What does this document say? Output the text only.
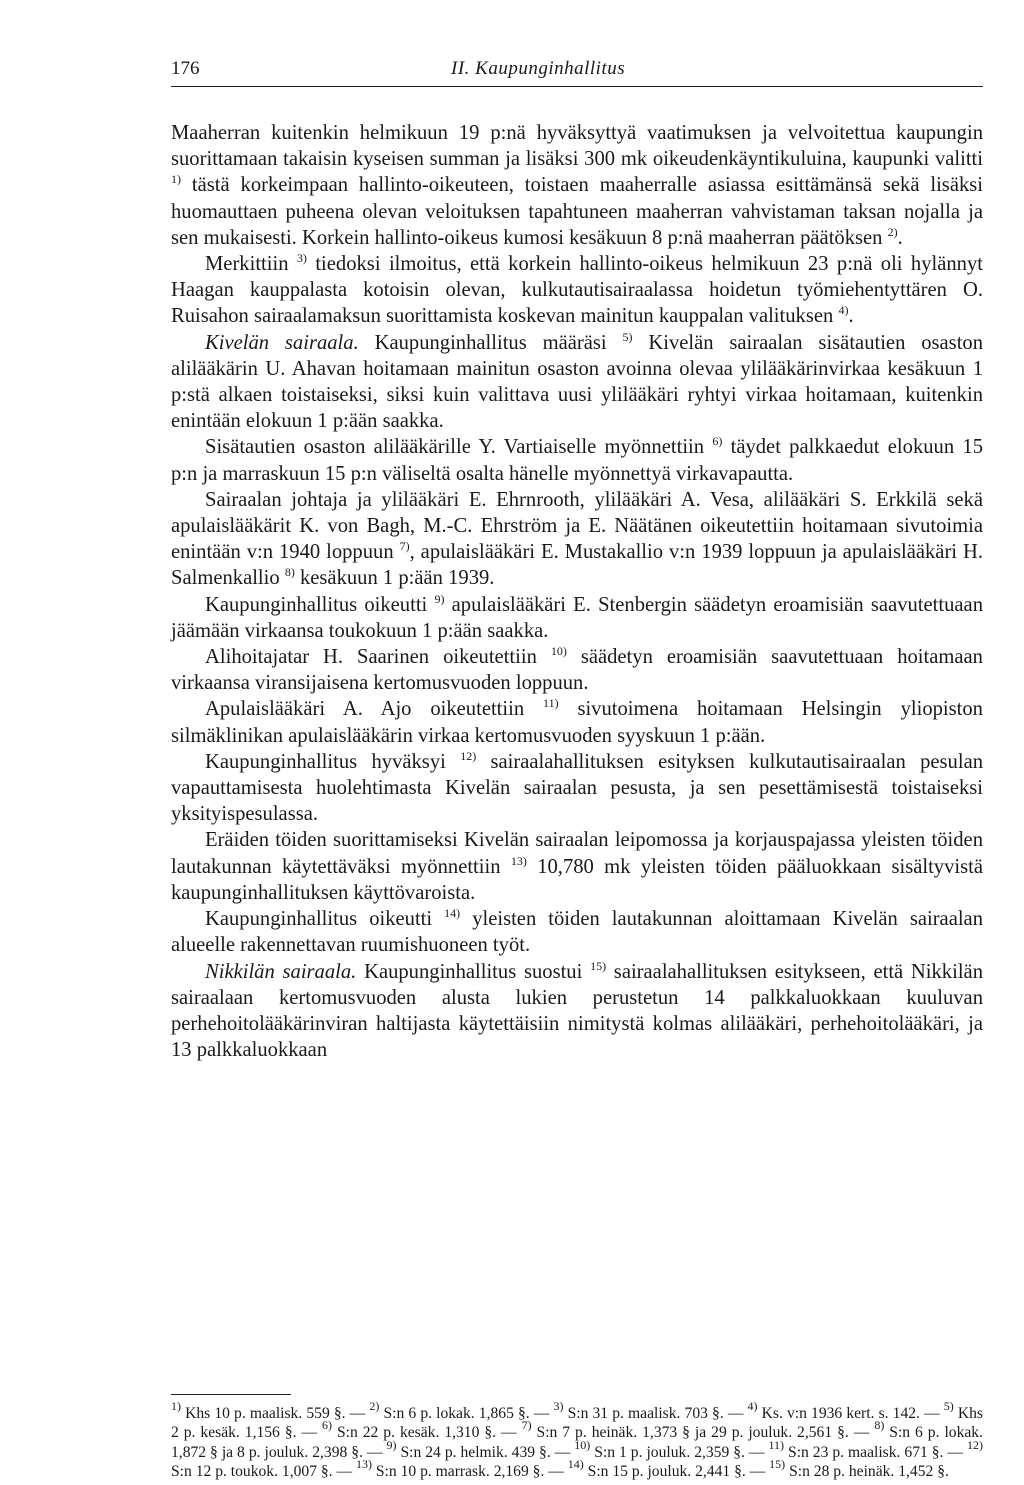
176	II. Kaupunginhallitus

Maaherran kuitenkin helmikuun 19 p:nä hyväksyttyä vaatimuksen ja velvoitettua kaupungin suorittamaan takaisin kyseisen summan ja lisäksi 300 mk oikeudenkäyntikuluina, kaupunki valitti $^{1)}$ tästä korkeimpaan hallinto-oikeuteen, toistaen maaherralle asiassa esittämänsä sekä lisäksi huomauttaen puheena olevan veloituksen tapahtuneen maaherran vahvistaman taksan nojalla ja sen mukaisesti. Korkein hallinto-oikeus kumosi kesäkuun 8 p:nä maaherran päätöksen $^{2)}$.

Merkittiin $^{3)}$ tiedoksi ilmoitus, että korkein hallinto-oikeus helmikuun 23 p:nä oli hylännyt Haagan kauppalasta kotoisin olevan, kulkutautisairaalassa hoidetun työmiehentyttären O. Ruisahon sairaalamaksun suorittamista koskevan mainitun kauppalan valituksen $^{4)}$.

Kivelän sairaala. Kaupunginhallitus määräsi $^{5)}$ Kivelän sairaalan sisätautien osaston alilääkärin U. Ahavan hoitamaan mainitun osaston avoinna olevaa ylilääkärinvirkaa kesäkuun 1 p:stä alkaen toistaiseksi, siksi kuin valittava uusi ylilääkäri ryhtyi virkaa hoitamaan, kuitenkin enintään elokuun 1 p:ään saakka.

Sisätautien osaston alilääkärille Y. Vartiaiselle myönnettiin $^{6)}$ täydet palkkaedut elokuun 15 p:n ja marraskuun 15 p:n väliseltä osalta hänelle myönnettyä virkavapautta.

Sairaalan johtaja ja ylilääkäri E. Ehrnrooth, ylilääkäri A. Vesa, alilääkäri S. Erkkilä sekä apulaislääkärit K. von Bagh, M.-C. Ehrström ja E. Näätänen oikeutettiin hoitamaan sivutoimia enintään v:n 1940 loppuun $^{7)}$, apulaislääkäri E. Mustakallio v:n 1939 loppuun ja apulaislääkäri H. Salmenkallio $^{8)}$ kesäkuun 1 p:ään 1939.

Kaupunginhallitus oikeutti $^{9)}$ apulaislääkäri E. Stenbergin säädetyn eroamisiän saavutettuaan jäämään virkaansa toukokuun 1 p:ään saakka.

Alihoitajatar H. Saarinen oikeutettiin $^{10)}$ säädetyn eroamisiän saavutettuaan hoitamaan virkaansa viransijaisena kertomusvuoden loppuun.

Apulaislääkäri A. Ajo oikeutettiin $^{11)}$ sivutoimena hoitamaan Helsingin yliopiston silmäklinikan apulaislääkärin virkaa kertomusvuoden syyskuun 1 p:ään.

Kaupunginhallitus hyväksyi $^{12)}$ sairaalahallituksen esityksen kulkutautisairaalan pesulan vapauttamisesta huolehtimasta Kivelän sairaalan pesusta, ja sen pesettämisestä toistaiseksi yksityispesulassa.

Eräiden töiden suorittamiseksi Kivelän sairaalan leipomossa ja korjauspajassa yleisten töiden lautakunnan käytettäväksi myönnettiin $^{13)}$ 10,780 mk yleisten töiden pääluokkaan sisältyvistä kaupunginhallituksen käyttövaroista.

Kaupunginhallitus oikeutti $^{14)}$ yleisten töiden lautakunnan aloittamaan Kivelän sairaalan alueelle rakennettavan ruumishuoneen työt.

Nikkilän sairaala. Kaupunginhallitus suostui $^{15)}$ sairaalahallituksen esitykseen, että Nikkilän sairaalaan kertomusvuoden alusta lukien perustetun 14 palkkaluokkaan kuuluvan perhehoitolääkärinviran haltijasta käytettäisiin nimitystä kolmas alilääkäri, perhehoitolääkäri, ja 13 palkkaluokkaan

$^{1)}$ Khs 10 p. maalisk. 559 §. — $^{2)}$ S:n 6 p. lokak. 1,865 §. — $^{3)}$ S:n 31 p. maalisk. 703 §. — $^{4)}$ Ks. v:n 1936 kert. s. 142. — $^{5)}$ Khs 2 p. kesäk. 1,156 §. — $^{6)}$ S:n 22 p. kesäk. 1,310 §. — $^{7)}$ S:n 7 p. heinäk. 1,373 § ja 29 p. jouluk. 2,561 §. — $^{8)}$ S:n 6 p. lokak. 1,872 § ja 8 p. jouluk. 2,398 §. — $^{9)}$ S:n 24 p. helmik. 439 §. — $^{10)}$ S:n 1 p. jouluk. 2,359 §. — $^{11)}$ S:n 23 p. maalisk. 671 §. — $^{12)}$ S:n 12 p. toukok. 1,007 §. — $^{13)}$ S:n 10 p. marrask. 2,169 §. — $^{14)}$ S:n 15 p. jouluk. 2,441 §. — $^{15)}$ S:n 28 p. heinäk. 1,452 §.
